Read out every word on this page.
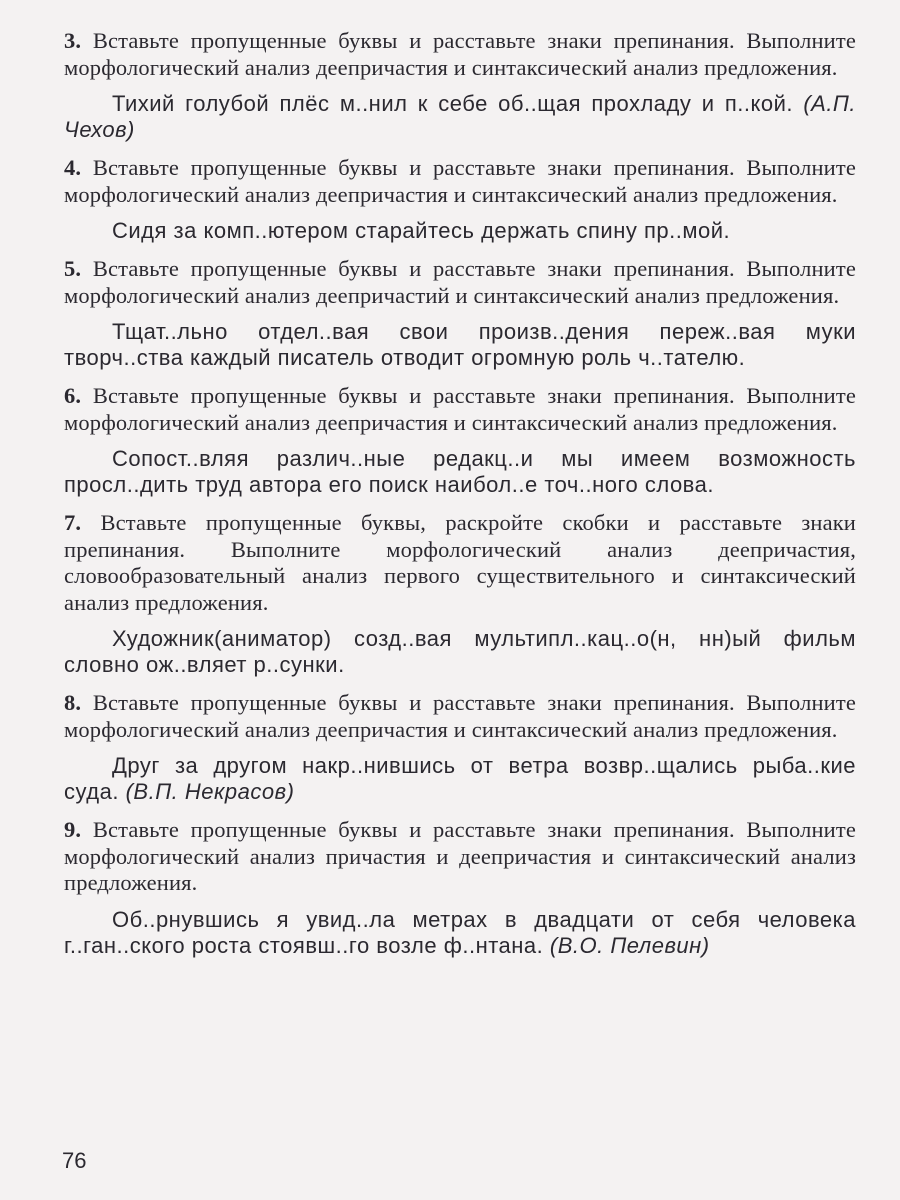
3. Вставьте пропущенные буквы и расставьте знаки препинания. Выполните морфологический анализ деепричастия и синтаксический анализ предложения.

Тихий голубой плёс м..нил к себе об..щая прохладу и п..кой. (А.П. Чехов)

4. Вставьте пропущенные буквы и расставьте знаки препинания. Выполните морфологический анализ деепричастия и синтаксический анализ предложения.

Сидя за комп..ютером старайтесь держать спину пр..мой.

5. Вставьте пропущенные буквы и расставьте знаки препинания. Выполните морфологический анализ деепричастий и синтаксический анализ предложения.

Тщат..льно отдел..вая свои произв..дения переж..вая муки творч..ства каждый писатель отводит огромную роль ч..тателю.

6. Вставьте пропущенные буквы и расставьте знаки препинания. Выполните морфологический анализ деепричастия и синтаксический анализ предложения.

Сопост..вляя различ..ные редакц..и мы имеем возможность просл..дить труд автора его поиск наибол..е точ..ного слова.

7. Вставьте пропущенные буквы, раскройте скобки и расставьте знаки препинания. Выполните морфологический анализ деепричастия, словообразовательный анализ первого существительного и синтаксический анализ предложения.

Художник(аниматор) созд..вая мультипл..кац..о(н, нн)ый фильм словно ож..вляет р..сунки.

8. Вставьте пропущенные буквы и расставьте знаки препинания. Выполните морфологический анализ деепричастия и синтаксический анализ предложения.

Друг за другом накр..нившись от ветра возвр..щались рыба..кие суда. (В.П. Некрасов)

9. Вставьте пропущенные буквы и расставьте знаки препинания. Выполните морфологический анализ причастия и деепричастия и синтаксический анализ предложения.

Об..рнувшись я увид..ла метрах в двадцати от себя человека г..ган..ского роста стоявш..го возле ф..нтана. (В.О. Пелевин)

76
